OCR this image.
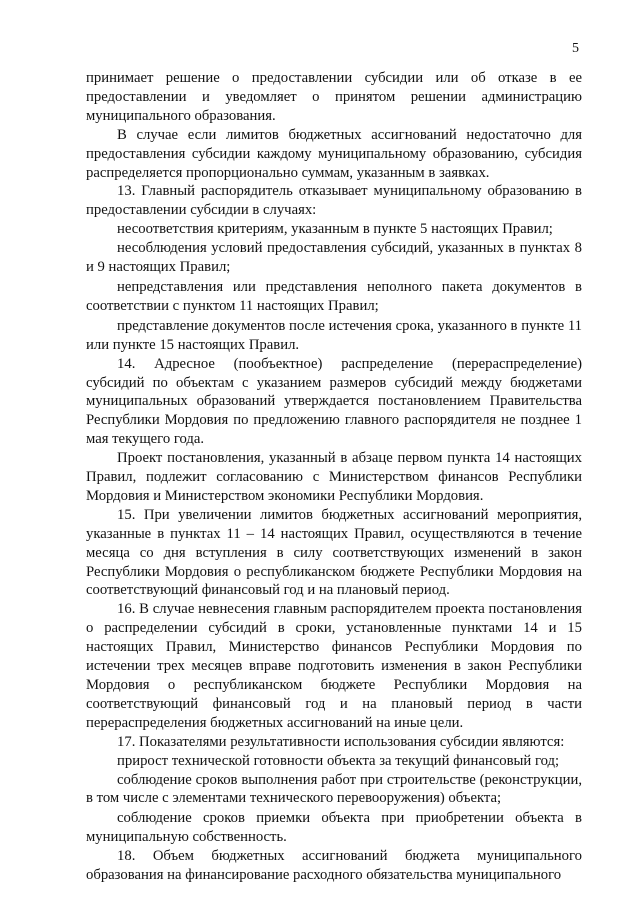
5

принимает решение о предоставлении субсидии или об отказе в ее предоставлении и уведомляет о принятом решении администрацию муниципального образования.

В случае если лимитов бюджетных ассигнований недостаточно для предоставления субсидии каждому муниципальному образованию, субсидия распределяется пропорционально суммам, указанным в заявках.

13. Главный распорядитель отказывает муниципальному образованию в предоставлении субсидии в случаях:

несоответствия критериям, указанным в пункте 5 настоящих Правил;

несоблюдения условий предоставления субсидий, указанных в пунктах 8 и 9 настоящих Правил;

непредставления или представления неполного пакета документов в соответствии с пунктом 11 настоящих Правил;

представление документов после истечения срока, указанного в пункте 11 или пункте 15 настоящих Правил.

14. Адресное (пообъектное) распределение (перераспределение) субсидий по объектам с указанием размеров субсидий между бюджетами муниципальных образований утверждается постановлением Правительства Республики Мордовия по предложению главного распорядителя не позднее 1 мая текущего года.

Проект постановления, указанный в абзаце первом пункта 14 настоящих Правил, подлежит согласованию с Министерством финансов Республики Мордовия и Министерством экономики Республики Мордовия.

15. При увеличении лимитов бюджетных ассигнований мероприятия, указанные в пунктах 11 – 14 настоящих Правил, осуществляются в течение месяца со дня вступления в силу соответствующих изменений в закон Республики Мордовия о республиканском бюджете Республики Мордовия на соответствующий финансовый год и на плановый период.

16. В случае невнесения главным распорядителем проекта постановления о распределении субсидий в сроки, установленные пунктами 14 и 15 настоящих Правил, Министерство финансов Республики Мордовия по истечении трех месяцев вправе подготовить изменения в закон Республики Мордовия о республиканском бюджете Республики Мордовия на соответствующий финансовый год и на плановый период в части перераспределения бюджетных ассигнований на иные цели.

17. Показателями результативности использования субсидии являются:

прирост технической готовности объекта за текущий финансовый год;

соблюдение сроков выполнения работ при строительстве (реконструкции, в том числе с элементами технического перевооружения) объекта;

соблюдение сроков приемки объекта при приобретении объекта в муниципальную собственность.

18. Объем бюджетных ассигнований бюджета муниципального образования на финансирование расходного обязательства муниципального
